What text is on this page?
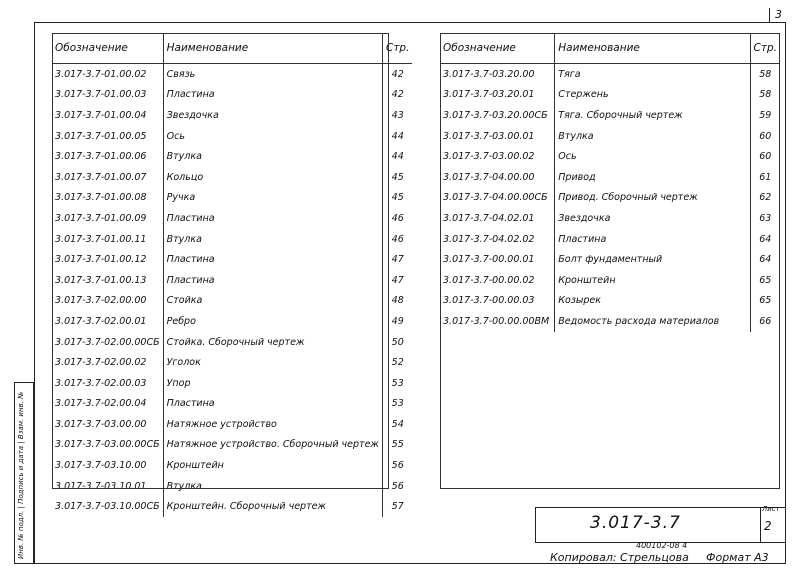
3
Инв. № подл. | Подпись и дата | Взам. инв. №
Обозначение	Наименование	Стр.
3.017-3.7-01.00.02	Связь	42
3.017-3.7-01.00.03	Пластина	42
3.017-3.7-01.00.04	Звездочка	43
3.017-3.7-01.00.05	Ось	44
3.017-3.7-01.00.06	Втулка	44
3.017-3.7-01.00.07	Кольцо	45
3.017-3.7-01.00.08	Ручка	45
3.017-3.7-01.00.09	Пластина	46
3.017-3.7-01.00.11	Втулка	46
3.017-3.7-01.00.12	Пластина	47
3.017-3.7-01.00.13	Пластина	47
3.017-3.7-02.00.00	Стойка	48
3.017-3.7-02.00.01	Ребро	49
3.017-3.7-02.00.00СБ	Стойка. Сборочный чертеж	50
3.017-3.7-02.00.02	Уголок	52
3.017-3.7-02.00.03	Упор	53
3.017-3.7-02.00.04	Пластина	53
3.017-3.7-03.00.00	Натяжное устройство	54
3.017-3.7-03.00.00СБ	Натяжное устройство. Сборочный чертеж	55
3.017-3.7-03.10.00	Кронштейн	56
3.017-3.7-03.10.01	Втулка	56
3.017-3.7-03.10.00СБ	Кронштейн. Сборочный чертеж	57
Обозначение	Наименование	Стр.
3.017-3.7-03.20.00	Тяга	58
3.017-3.7-03.20.01	Стержень	58
3.017-3.7-03.20.00СБ	Тяга. Сборочный чертеж	59
3.017-3.7-03.00.01	Втулка	60
3.017-3.7-03.00.02	Ось	60
3.017-3.7-04.00.00	Привод	61
3.017-3.7-04.00.00СБ	Привод. Сборочный чертеж	62
3.017-3.7-04.02.01	Звездочка	63
3.017-3.7-04.02.02	Пластина	64
3.017-3.7-00.00.01	Болт фундаментный	64
3.017-3.7-00.00.02	Кронштейн	65
3.017-3.7-00.00.03	Козырек	65
3.017-3.7-00.00.00ВМ	Ведомость расхода материалов	66
3.017-3.7
Лист
2
400102-08 4
Копировал: Стрельцова Формат А3
